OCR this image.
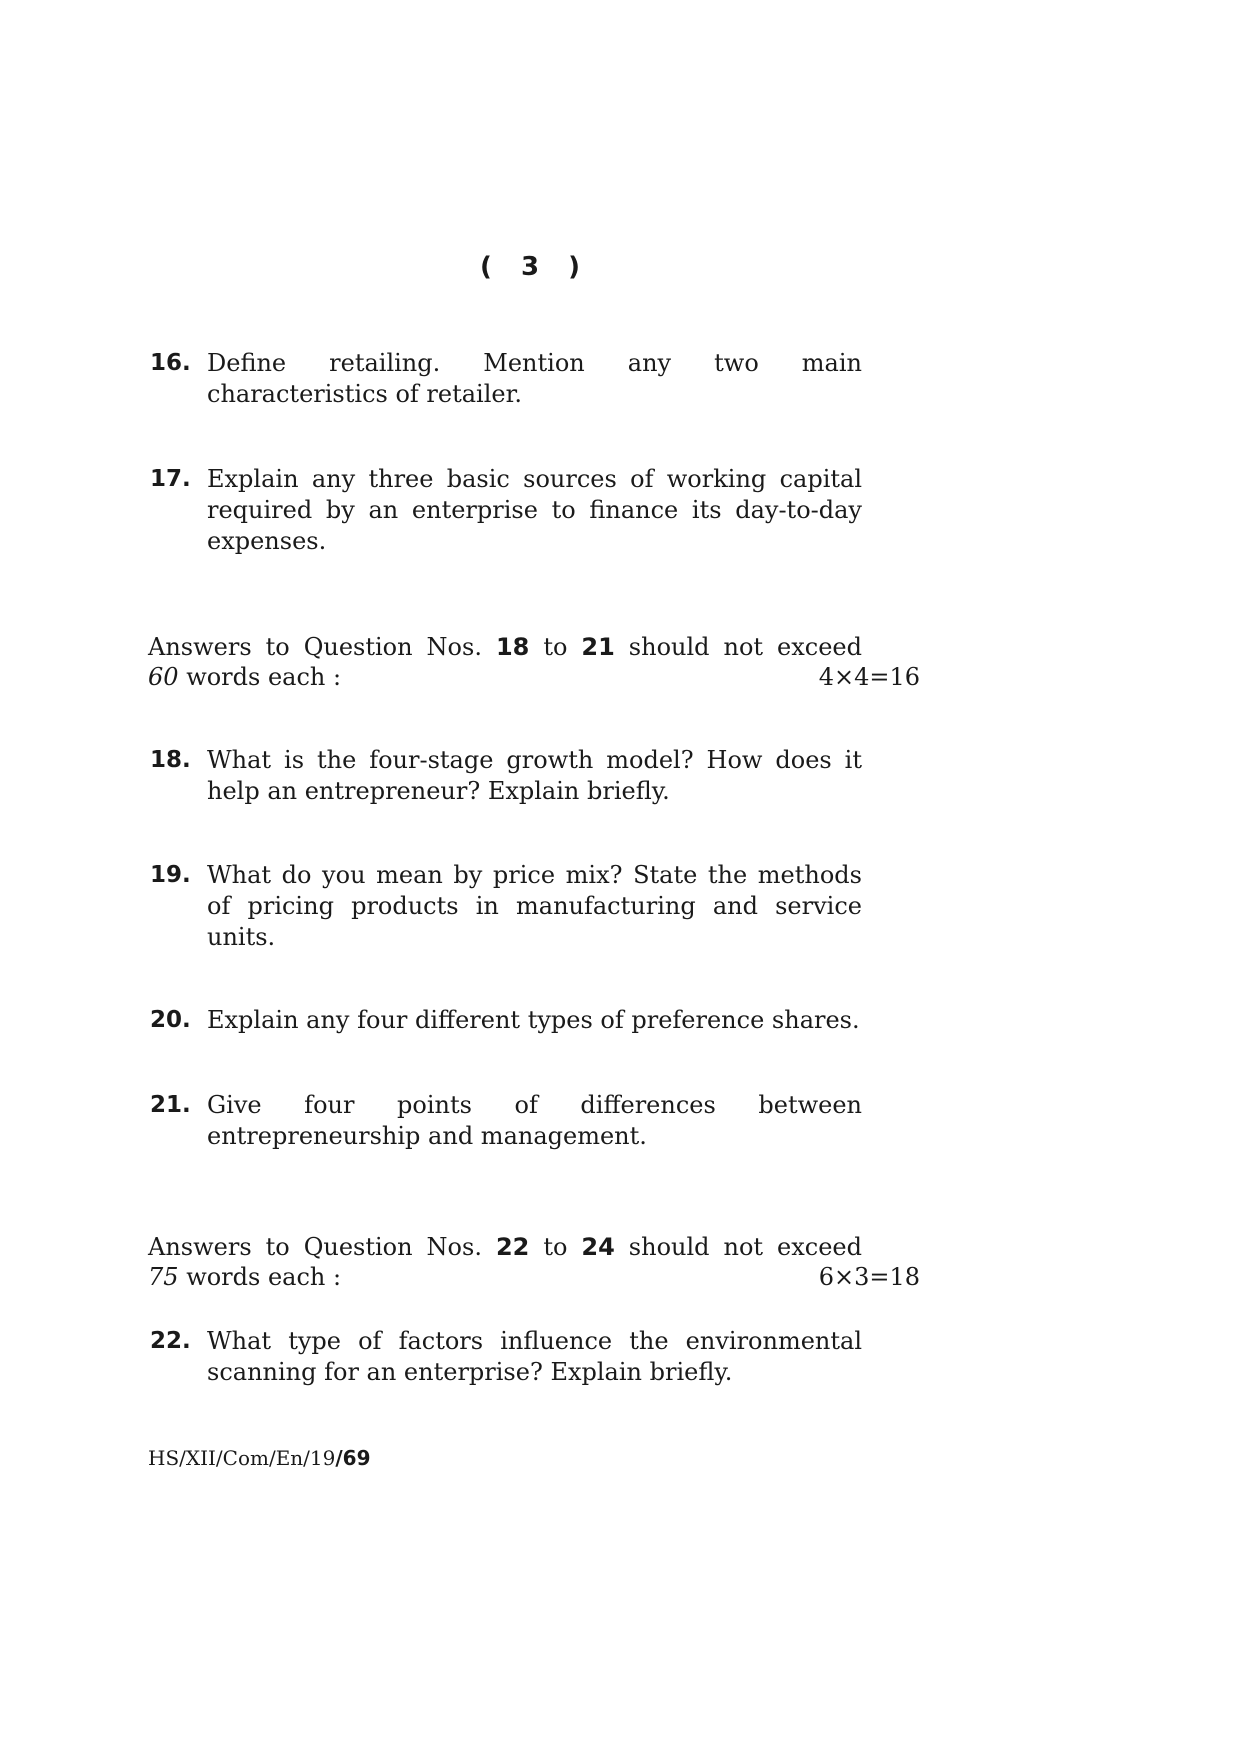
( 3 )
16. Define retailing. Mention any two main characteristics of retailer.
17. Explain any three basic sources of working capital required by an enterprise to finance its day-to-day expenses.
Answers to Question Nos. 18 to 21 should not exceed
60 words each :	4×4=16
18. What is the four-stage growth model? How does it help an entrepreneur? Explain briefly.
19. What do you mean by price mix? State the methods of pricing products in manufacturing and service units.
20. Explain any four different types of preference shares.
21. Give four points of differences between entrepreneurship and management.
Answers to Question Nos. 22 to 24 should not exceed
75 words each :	6×3=18
22. What type of factors influence the environmental scanning for an enterprise? Explain briefly.
HS/XII/Com/En/19/69
